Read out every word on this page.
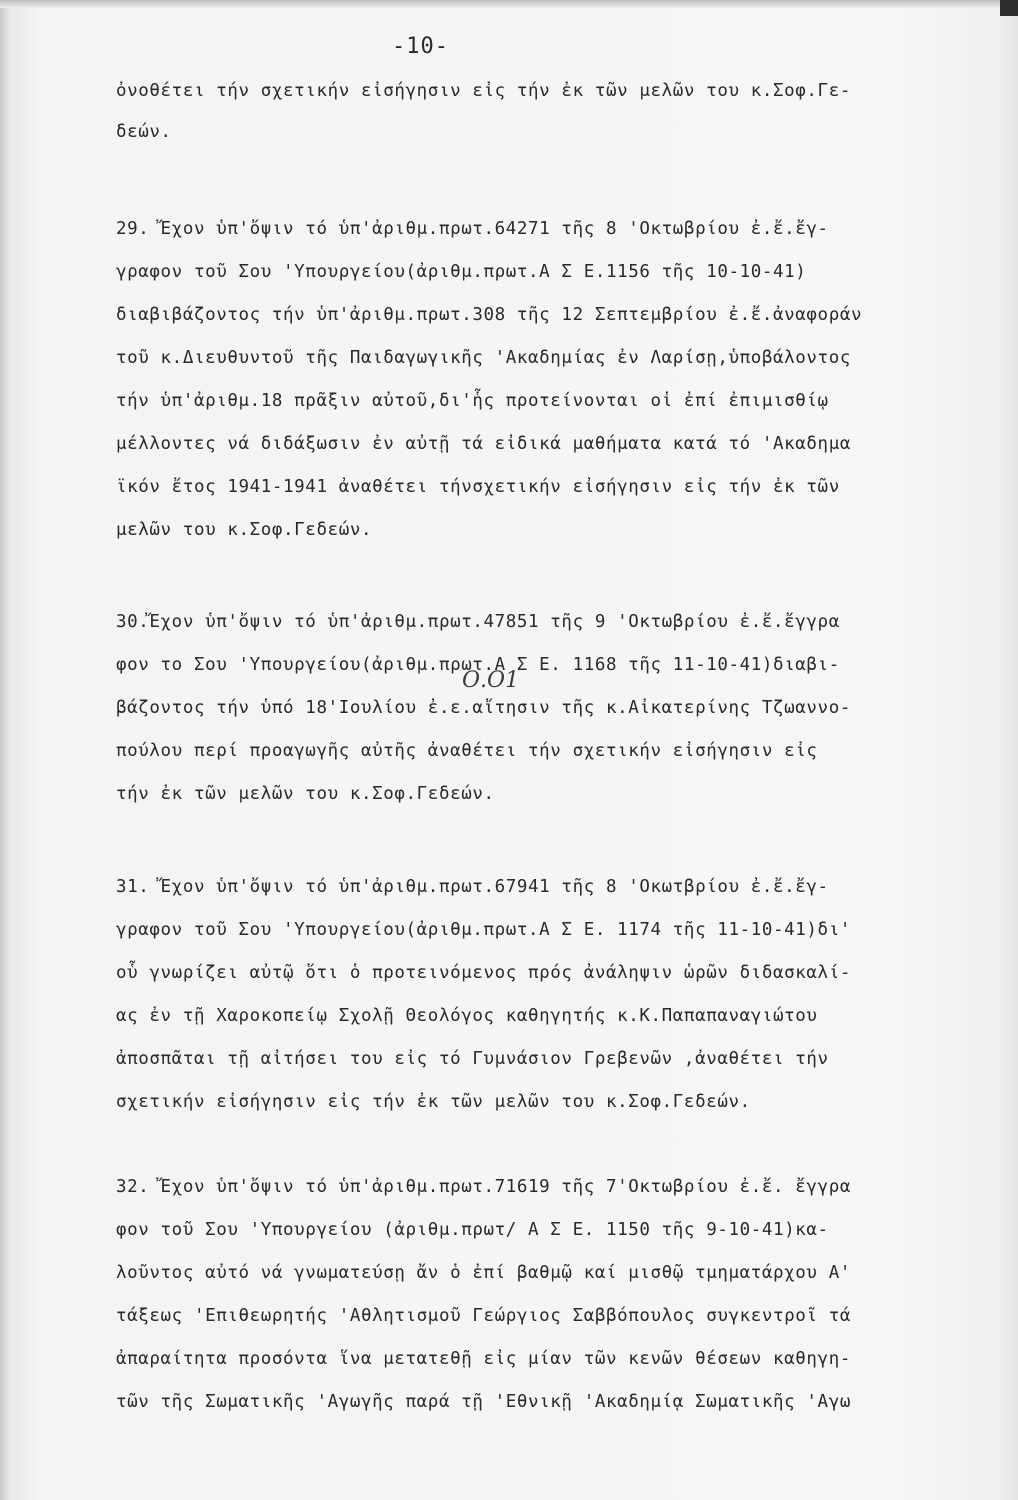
-10-
ὀνοθέτει τήν σχετικήν εἰσήγησιν εἰς τήν ἐκ τῶν μελῶν του κ.Σοφ.Γε-
δεών.
29. Ἔχον ὑπ'ὄψιν τό ὑπ'ἀριθμ.πρωτ.64271 τῆς 8 'Οκτωβρίου ἐ.ἔ.ἔγ-
γραφον τοῦ Σου 'Υπουργείου(ἀριθμ.πρωτ.Α Σ Ε.1156 τῆς 10-10-41)
διαβιβάζοντος τήν ὑπ'ἀριθμ.πρωτ.308 τῆς 12 Σεπτεμβρίου ἐ.ἔ.ἀναφοράν
τοῦ κ.Διευθυντοῦ τῆς Παιδαγωγικῆς 'Ακαδημίας ἐν Λαρίσῃ,ὑποβάλοντος
τήν ὑπ'ἀριθμ.18 πρᾶξιν αὐτοῦ,δι'ἧς προτείνονται οἱ ἐπί ἐπιμισθίῳ
μέλλοντες νά διδάξωσιν ἐν αὐτῇ τά εἰδικά μαθήματα κατά τό 'Ακαδημα
ϊκόν ἔτος 1941-1941 ἀναθέτει τήνσχετικήν εἰσήγησιν εἰς τήν ἐκ τῶν
μελῶν του κ.Σοφ.Γεδεών.
30.Ἔχον ὑπ'ὄψιν τό ὑπ'ἀριθμ.πρωτ.47851 τῆς 9 'Οκτωβρίου ἐ.ἔ.ἔγγρα
φον το Σου 'Υπουργείου(ἀριθμ.πρωτ.Α Σ Ε. 1168 τῆς 11-10-41)διαβι-
Ο.Ο1
βάζοντος τήν ὑπό 18'Ιουλίου ἐ.ε.αἴτησιν τῆς κ.Αἰκατερίνης Τζωαννο-
πούλου περί προαγωγῆς αὐτῆς ἀναθέτει τήν σχετικήν εἰσήγησιν εἰς
τήν ἐκ τῶν μελῶν του κ.Σοφ.Γεδεών.
31. Ἔχον ὑπ'ὄψιν τό ὑπ'ἀριθμ.πρωτ.67941 τῆς 8 'Οκωτβρίου ἐ.ἔ.ἔγ-
γραφον τοῦ Σου 'Υπουργείου(ἀριθμ.πρωτ.Α Σ Ε. 1174 τῆς 11-10-41)δι'
οὗ γνωρίζει αὐτῷ ὅτι ὁ προτεινόμενος πρός ἀνάληψιν ὡρῶν διδασκαλί-
ας ἐν τῇ Χαροκοπείῳ Σχολῇ Θεολόγος καθηγητής κ.Κ.Παπαπαναγιώτου
ἀποσπᾶται τῇ αἰτήσει του εἰς τό Γυμνάσιον Γρεβενῶν ,ἀναθέτει τήν
σχετικήν εἰσήγησιν εἰς τήν ἐκ τῶν μελῶν του κ.Σοφ.Γεδεών.
32. Ἔχον ὑπ'ὄψιν τό ὑπ'ἀριθμ.πρωτ.71619 τῆς 7'Οκτωβρίου ἐ.ἔ. ἔγγρα
φον τοῦ Σου 'Υπουργείου (ἀριθμ.πρωτ/ Α Σ Ε. 1150 τῆς 9-10-41)κα-
λοῦντος αὐτό νά γνωματεύσῃ ἄν ὁ ἐπί βαθμῷ καί μισθῷ τμηματάρχου Α'
τάξεως 'Επιθεωρητής 'Αθλητισμοῦ Γεώργιος Σαββόπουλος συγκεντροῖ τά
ἀπαραίτητα προσόντα ἵνα μετατεθῇ εἰς μίαν τῶν κενῶν θέσεων καθηγη-
τῶν τῆς Σωματικῆς 'Αγωγῆς παρά τῇ 'Εθνικῇ 'Ακαδημίᾳ Σωματικῆς 'Αγω
